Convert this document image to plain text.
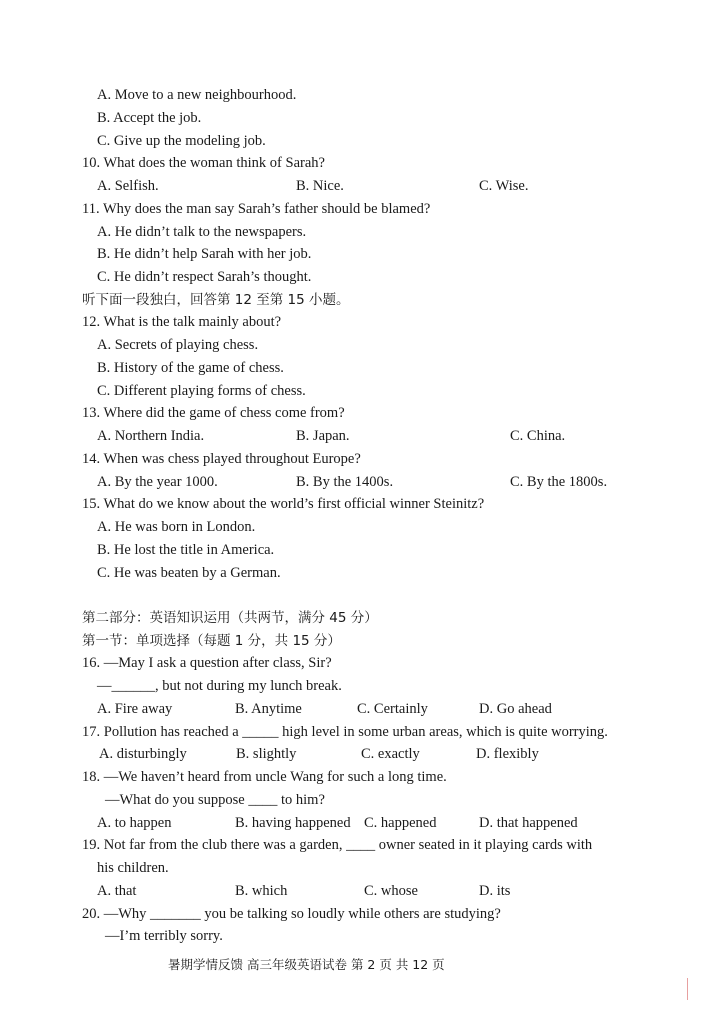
A. Move to a new neighbourhood.
B. Accept the job.
C. Give up the modeling job.
10. What does the woman think of Sarah?
A. Selfish.	B. Nice.	C. Wise.
11. Why does the man say Sarah’s father should be blamed?
A. He didn’t talk to the newspapers.
B. He didn’t help Sarah with her job.
C. He didn’t respect Sarah’s thought.
听下面一段独白，回答第 12 至第 15 小题。
12. What is the talk mainly about?
A. Secrets of playing chess.
B. History of the game of chess.
C. Different playing forms of chess.
13. Where did the game of chess come from?
A. Northern India.	B. Japan.	C. China.
14. When was chess played throughout Europe?
A. By the year 1000.	B. By the 1400s.	C. By the 1800s.
15. What do we know about the world’s first official winner Steinitz?
A. He was born in London.
B. He lost the title in America.
C. He was beaten by a German.
第二部分：英语知识运用（共两节，满分 45 分）
第一节：单项选择（每题 1 分，共 15 分）
16. —May I ask a question after class, Sir?
—______, but not during my lunch break.
A. Fire away	B. Anytime	C. Certainly	D. Go ahead
17. Pollution has reached a _____ high level in some urban areas, which is quite worrying.
A. disturbingly	B. slightly	C. exactly	D. flexibly
18. —We haven’t heard from uncle Wang for such a long time.
—What do you suppose ____ to him?
A. to happen	B. having happened C. happened	D. that happened
19. Not far from the club there was a garden, ____ owner seated in it playing cards with
his children.
A. that	B. which	C. whose	D. its
20. —Why _______ you be talking so loudly while others are studying?
—I’m terribly sorry.
暑期学情反馈 高三年级英语试卷 第 2 页 共 12 页
